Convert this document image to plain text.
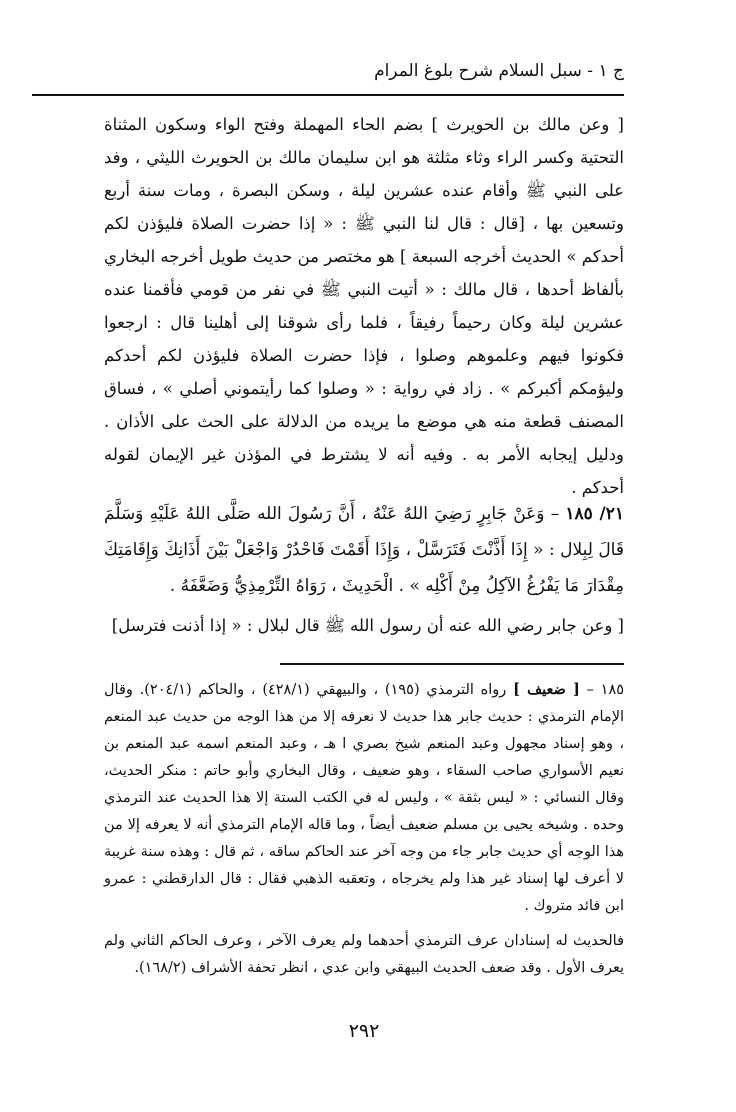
ج ١ - سبل السلام شرح بلوغ المرام

[ وعن مالك بن الحويرث ] بضم الحاء المهملة وفتح الواء وسكون المثناة التحتية وكسر الراء وثاء مثلثة هو ابن سليمان مالك بن الحويرث الليثي ، وفد على النبي ﷺ وأقام عنده عشرين ليلة ، وسكن البصرة ، ومات سنة أربع وتسعين بها ، [قال : قال لنا النبي ﷺ : « إذا حضرت الصلاة فليؤذن لكم أحدكم » الحديث أخرجه السبعة ] هو مختصر من حديث طويل أخرجه البخاري بألفاظ أحدها ، قال مالك : « أتيت النبي ﷺ في نفر من قومي فأقمنا عنده عشرين ليلة وكان رحيماً رفيقاً ، فلما رأى شوقنا إلى أهلينا قال : ارجعوا فكونوا فيهم وعلموهم وصلوا ، فإذا حضرت الصلاة فليؤذن لكم أحدكم وليؤمكم أكبركم » . زاد في رواية : « وصلوا كما رأيتموني أصلي » ، فساق المصنف قطعة منه هي موضع ما يريده من الدلالة على الحث على الأذان . ودليل إيجابه الأمر به . وفيه أنه لا يشترط في المؤذن غير الإيمان لقوله أحدكم .

٢١/ ١٨٥ – وَعَنْ جَابِرٍ رَضِيَ اللهُ عَنْهُ ، أَنَّ رَسُولَ الله صَلَّى اللهُ عَلَيْهِ وَسَلَّمَ قَالَ لِبِلال : « إِذَا أَذَّنْتَ فَتَرَسَّلْ ، وَإِذَا أَقَمْتَ فَاحْدُرْ وَاجْعَلْ بَيْنَ أَذَانِكَ وَإِقَامَتِكَ مِقْدَارَ مَا يَفْرُغُ الآكِلُ مِنْ أَكْلِه » . الْحَدِيثَ ، رَوَاهُ التِّرْمِذِيُّ وَضَعَّفَهُ .
[ وعن جابر رضي الله عنه أن رسول الله ﷺ قال لبلال : « إذا أذنت فترسل]

١٨٥ – [ ضعيف ] رواه الترمذي (١٩٥) ، والبيهقي (٤٢٨/١) ، والحاكم (٢٠٤/١). وقال الإمام الترمذي : حديث جابر هذا حديث لا نعرفه إلا من هذا الوجه من حديث عبد المنعم ، وهو إسناد مجهول وعبد المنعم شيخ بصري ا هـ ، وعبد المنعم اسمه عبد المنعم بن نعيم الأسواري صاحب السقاء ، وهو ضعيف ، وقال البخاري وأبو حاتم : منكر الحديث، وقال النسائي : « ليس بثقة » ، وليس له في الكتب الستة إلا هذا الحديث عند الترمذي وحده . وشيخه يحيى بن مسلم ضعيف أيضاً ، وما قاله الإمام الترمذي أنه لا يعرفه إلا من هذا الوجه أي حديث جابر جاء من وجه آخر عند الحاكم ساقه ، ثم قال : وهذه سنة غريبة لا أعرف لها إسناد غير هذا ولم يخرجاه ، وتعقبه الذهبي فقال : قال الدارقطني : عمرو ابن فائد متروك .

فالحديث له إسنادان عرف الترمذي أحدهما ولم يعرف الآخر ، وعرف الحاكم الثاني ولم يعرف الأول . وقد ضعف الحديث البيهقي وابن عدي ، انظر تحفة الأشراف (١٦٨/٢).

٢٩٢
